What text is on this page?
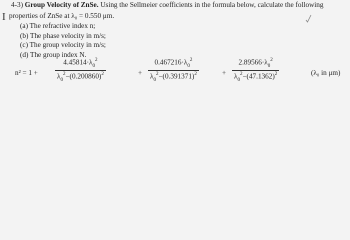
4-3) Group Velocity of ZnSe. Using the Sellmeier coefficients in the formula below, calculate the following
I properties of ZnSe at λ₀ = 0.550 μm.
(a) The refractive index n;
(b) The phase velocity in m/s;
(c) The group velocity in m/s;
(d) The group index N.
$n^2 = 1 + \frac{4.45814\cdot\lambda_0^2}{\lambda_0^2-(0.200860)^2}$	+ $\frac{0.467216\cdot\lambda_0^2}{\lambda_0^2-(0.391371)^2}$	+ $\frac{2.89566\cdot\lambda_0^2}{\lambda_0^2-(47.1362)^2}$	(λ₀ in μm)
